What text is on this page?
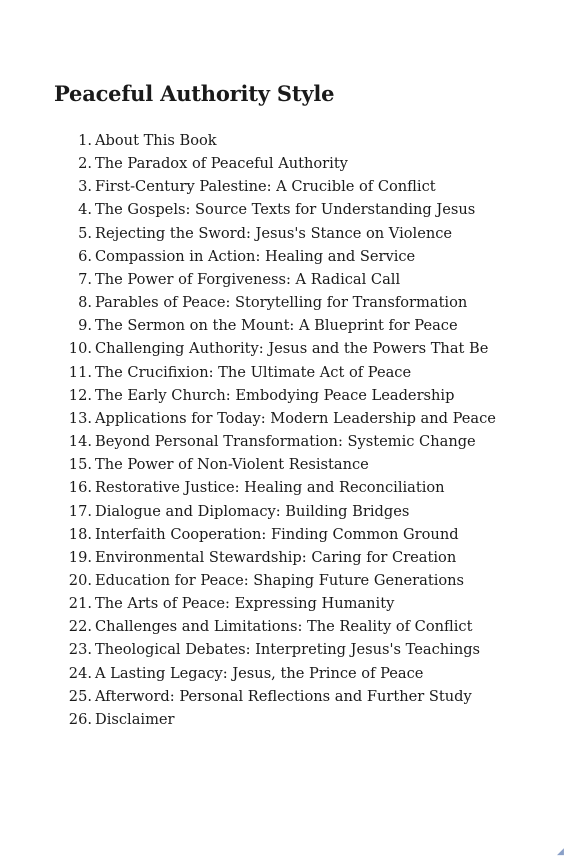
Peaceful Authority Style
1. About This Book
2. The Paradox of Peaceful Authority
3. First-Century Palestine: A Crucible of Conflict
4. The Gospels: Source Texts for Understanding Jesus
5. Rejecting the Sword: Jesus's Stance on Violence
6. Compassion in Action: Healing and Service
7. The Power of Forgiveness: A Radical Call
8. Parables of Peace: Storytelling for Transformation
9. The Sermon on the Mount: A Blueprint for Peace
10. Challenging Authority: Jesus and the Powers That Be
11. The Crucifixion: The Ultimate Act of Peace
12. The Early Church: Embodying Peace Leadership
13. Applications for Today: Modern Leadership and Peace
14. Beyond Personal Transformation: Systemic Change
15. The Power of Non-Violent Resistance
16. Restorative Justice: Healing and Reconciliation
17. Dialogue and Diplomacy: Building Bridges
18. Interfaith Cooperation: Finding Common Ground
19. Environmental Stewardship: Caring for Creation
20. Education for Peace: Shaping Future Generations
21. The Arts of Peace: Expressing Humanity
22. Challenges and Limitations: The Reality of Conflict
23. Theological Debates: Interpreting Jesus's Teachings
24. A Lasting Legacy: Jesus, the Prince of Peace
25. Afterword: Personal Reflections and Further Study
26. Disclaimer
◢
